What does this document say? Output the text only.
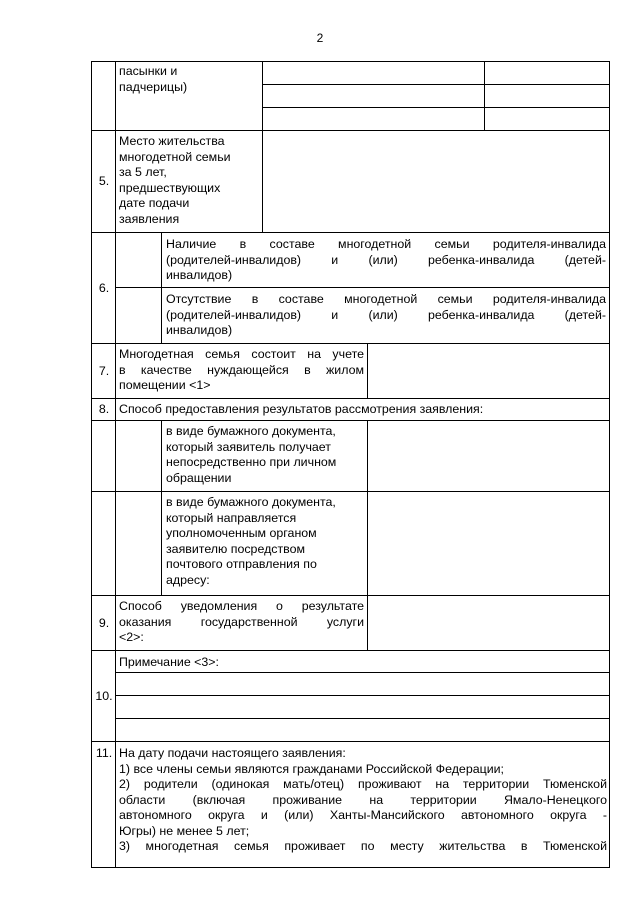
2
пасынки и
падчерицы)
5.
Место жительства
многодетной семьи
за 5 лет,
предшествующих
дате подачи
заявления
6.
Наличие в составе многодетной семьи родителя-инвалида
(родителей-инвалидов) и (или) ребенка-инвалида (детей-
инвалидов)
Отсутствие в составе многодетной семьи родителя-инвалида
(родителей-инвалидов) и (или) ребенка-инвалида (детей-
инвалидов)
7.
Многодетная семья состоит на учете
в качестве нуждающейся в жилом
помещении <1>
8. Способ предоставления результатов рассмотрения заявления:
в виде бумажного документа,
который заявитель получает
непосредственно при личном
обращении
в виде бумажного документа,
который направляется
уполномоченным органом
заявителю посредством
почтового отправления по
адресу:
9.
Способ уведомления о результате
оказания государственной услуги
<2>:
10.
Примечание <3>:
11. На дату подачи настоящего заявления:
1) все члены семьи являются гражданами Российской Федерации;
2) родители (одинокая мать/отец) проживают на территории Тюменской
области (включая проживание на территории Ямало-Ненецкого
автономного округа и (или) Ханты-Мансийского автономного округа -
Югры) не менее 5 лет;
3) многодетная семья проживает по месту жительства в Тюменской
